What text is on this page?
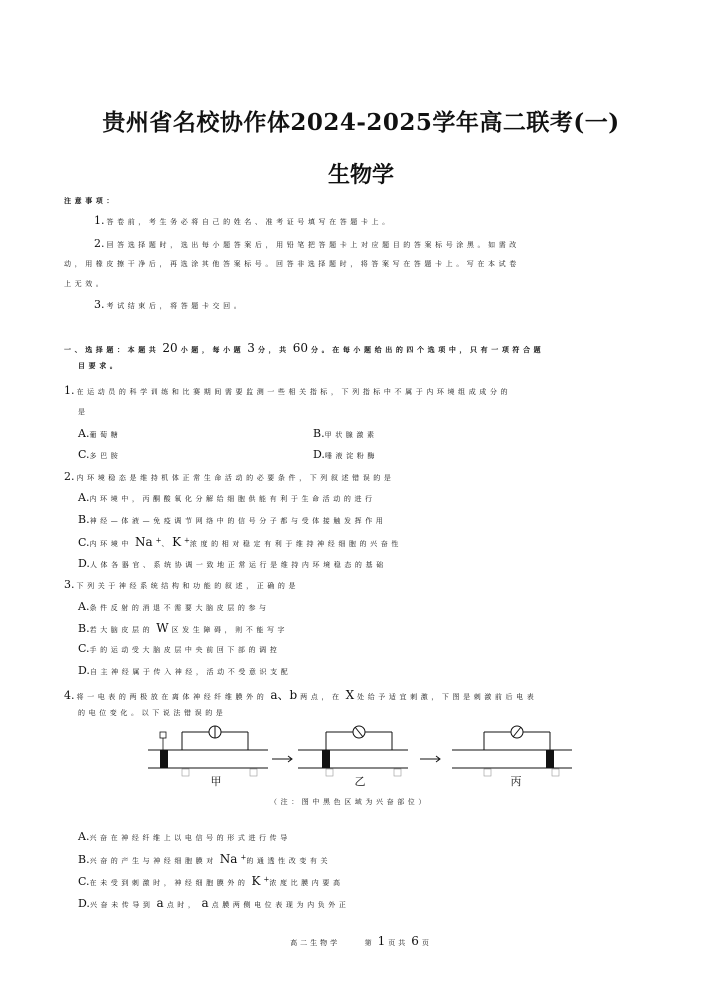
贵州省名校协作体2024-2025学年高二联考(一)
生物学
注意事项：
1. 答卷前，考生务必将自己的姓名、准考证号填写在答题卡上。
2. 回答选择题时，选出每小题答案后，用铅笔把答题卡上对应题目的答案标号涂黑。如需改
动，用橡皮擦干净后，再选涂其他答案标号。回答非选择题时，将答案写在答题卡上。写在本试卷
上无效。
3. 考试结束后，将答题卡交回。
一、选择题：本题共 20 小题，每小题 3 分，共 60 分。在每小题给出的四个选项中，只有一项符合题
目要求。
1. 在运动员的科学训练和比赛期间需要监测一些相关指标，下列指标中不属于内环境组成成分的
是
A.葡萄糖	B.甲状腺激素
C.多巴胺	D.唾液淀粉酶
2. 内环境稳态是维持机体正常生命活动的必要条件，下列叙述错误的是
A.内环境中，丙酮酸氧化分解给细胞供能有利于生命活动的进行
B.神经—体液—免疫调节网络中的信号分子都与受体接触发挥作用
C.内环境中 Na +、K +浓度的相对稳定有利于维持神经细胞的兴奋性
D.人体各器官、系统协调一致地正常运行是维持内环境稳态的基础
3. 下列关于神经系统结构和功能的叙述，正确的是
A.条件反射的消退不需要大脑皮层的参与
B.若大脑皮层的 W 区发生障碍，则不能写字
C.手的运动受大脑皮层中央前回下部的调控
D.自主神经属于传入神经，活动不受意识支配
4. 将一电表的两极放在离体神经纤维膜外的 a、b 两点，在 X 处给予适宜刺激，下图是刺激前后电表
的电位变化。以下说法错误的是
甲	乙	丙
（注：图中黑色区域为兴奋部位）
A.兴奋在神经纤维上以电信号的形式进行传导
B.兴奋的产生与神经细胞膜对 Na +的通透性改变有关
C.在未受到刺激时，神经细胞膜外的 K +浓度比膜内要高
D.兴奋未传导到 a 点时， a 点膜两侧电位表现为内负外正
高二生物学	第 1 页共 6 页
